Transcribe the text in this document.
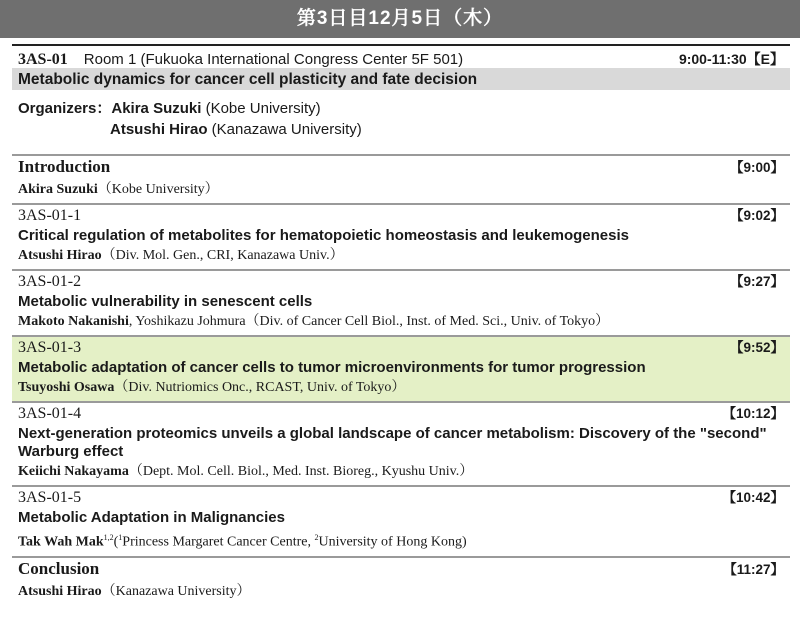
第3日目12月5日（木）
3AS-01 Room 1 (Fukuoka International Congress Center 5F 501)	9:00-11:30【E】
Metabolic dynamics for cancer cell plasticity and fate decision
Organizers：Akira Suzuki (Kobe University)
Atsushi Hirao (Kanazawa University)
Introduction	【9:00】
Akira Suzuki（Kobe University）
3AS-01-1	【9:02】
Critical regulation of metabolites for hematopoietic homeostasis and leukemogenesis
Atsushi Hirao（Div. Mol. Gen., CRI, Kanazawa Univ.）
3AS-01-2	【9:27】
Metabolic vulnerability in senescent cells
Makoto Nakanishi, Yoshikazu Johmura（Div. of Cancer Cell Biol., Inst. of Med. Sci., Univ. of Tokyo）
3AS-01-3	【9:52】
Metabolic adaptation of cancer cells to tumor microenvironments for tumor progression
Tsuyoshi Osawa（Div. Nutriomics Onc., RCAST, Univ. of Tokyo）
3AS-01-4	【10:12】
Next-generation proteomics unveils a global landscape of cancer metabolism: Discovery of the "second" Warburg effect
Keiichi Nakayama（Dept. Mol. Cell. Biol., Med. Inst. Bioreg., Kyushu Univ.）
3AS-01-5	【10:42】
Metabolic Adaptation in Malignancies
Tak Wah Mak$^{1,2}$($^1$Princess Margaret Cancer Centre, $^2$University of Hong Kong)
Conclusion	【11:27】
Atsushi Hirao（Kanazawa University）
